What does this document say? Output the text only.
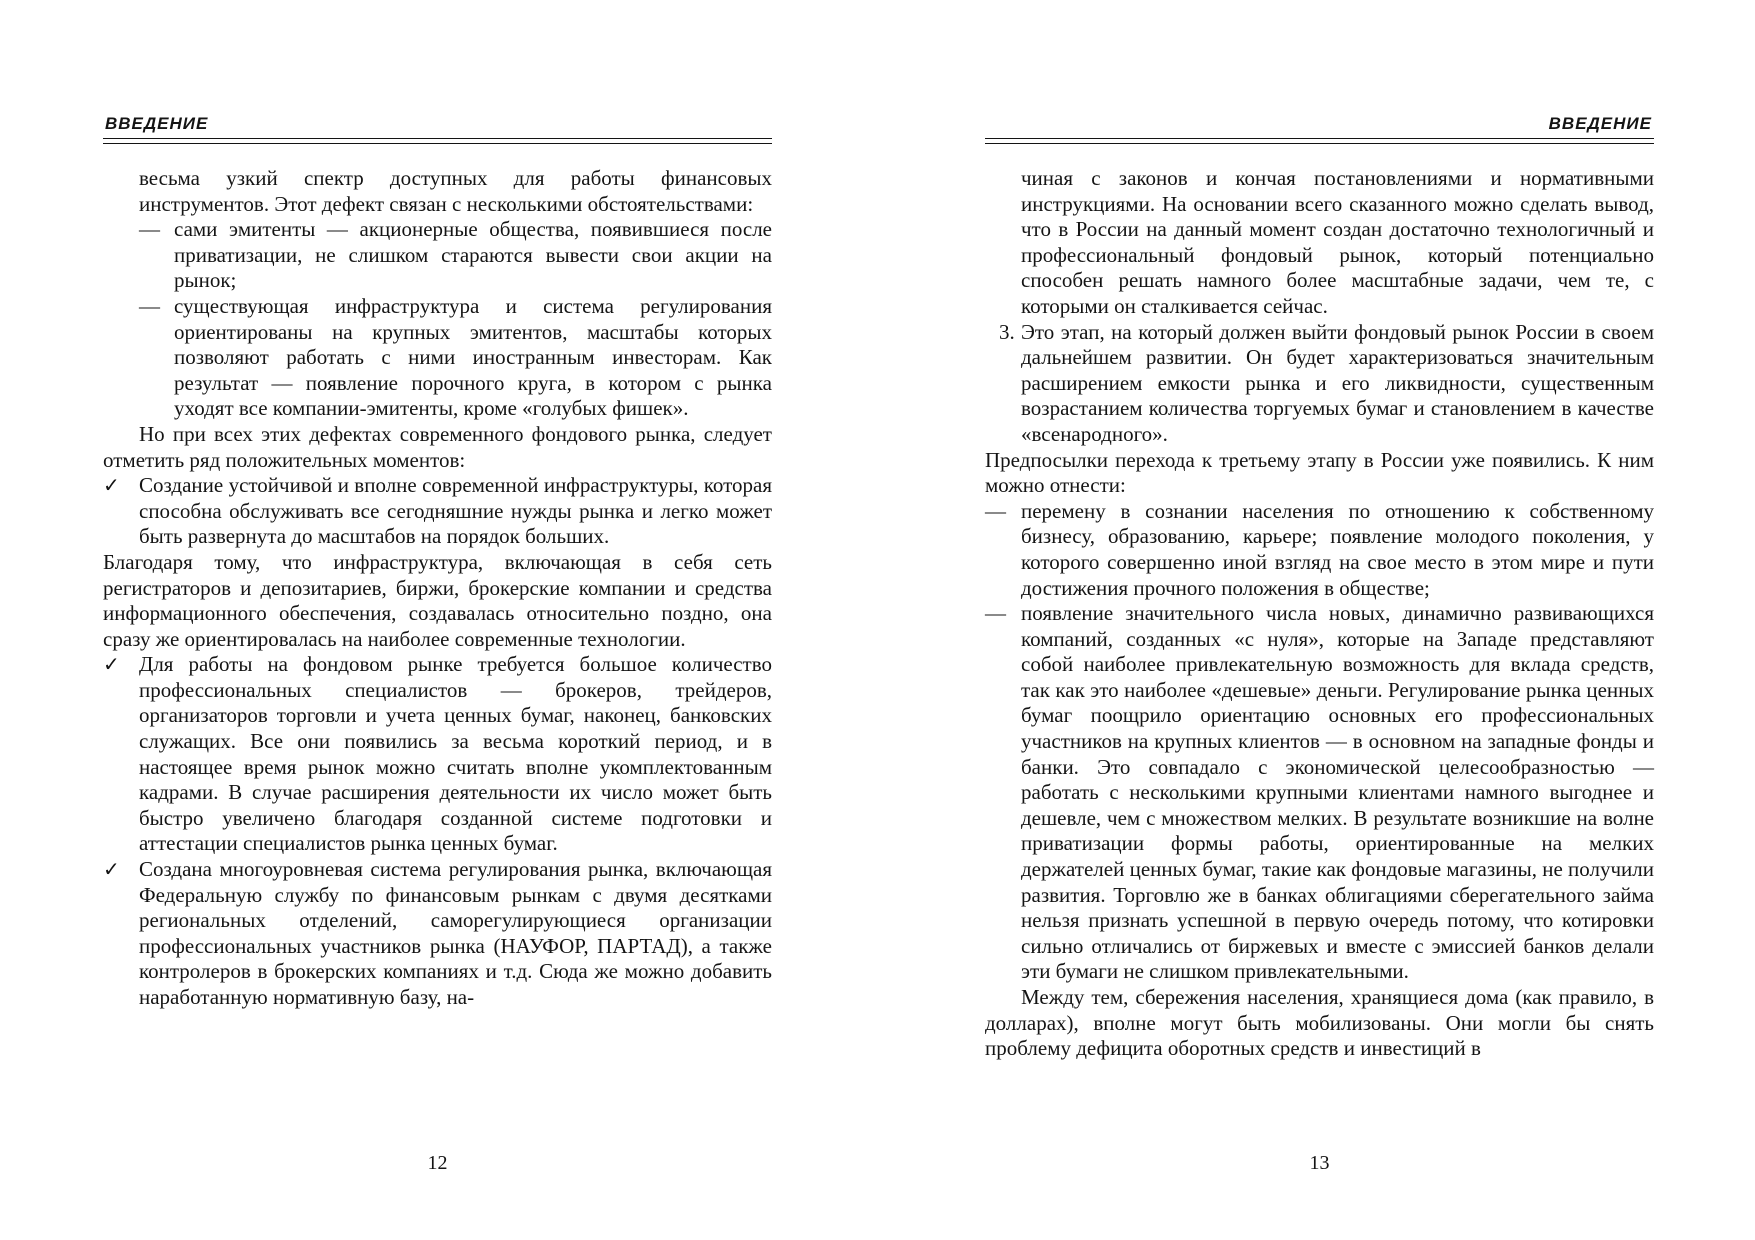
ВВЕДЕНИЕ

весьма узкий спектр доступных для работы финансовых инструментов. Этот дефект связан с несколькими обстоятельствами:

— сами эмитенты — акционерные общества, появившиеся после приватизации, не слишком стараются вывести свои акции на рынок;

— существующая инфраструктура и система регулирования ориентированы на крупных эмитентов, масштабы которых позволяют работать с ними иностранным инвесторам. Как результат — появление порочного круга, в котором с рынка уходят все компании-эмитенты, кроме «голубых фишек».

Но при всех этих дефектах современного фондового рынка, следует отметить ряд положительных моментов:

✓ Создание устойчивой и вполне современной инфраструктуры, которая способна обслуживать все сегодняшние нужды рынка и легко может быть развернута до масштабов на порядок больших.

Благодаря тому, что инфраструктура, включающая в себя сеть регистраторов и депозитариев, биржи, брокерские компании и средства информационного обеспечения, создавалась относительно поздно, она сразу же ориентировалась на наиболее современные технологии.

✓ Для работы на фондовом рынке требуется большое количество профессиональных специалистов — брокеров, трейдеров, организаторов торговли и учета ценных бумаг, наконец, банковских служащих. Все они появились за весьма короткий период, и в настоящее время рынок можно считать вполне укомплектованным кадрами. В случае расширения деятельности их число может быть быстро увеличено благодаря созданной системе подготовки и аттестации специалистов рынка ценных бумаг.

✓ Создана многоуровневая система регулирования рынка, включающая Федеральную службу по финансовым рынкам с двумя десятками региональных отделений, саморегулирующиеся организации профессиональных участников рынка (НАУФОР, ПАРТАД), а также контролеров в брокерских компаниях и т.д. Сюда же можно добавить наработанную нормативную базу, на-

12
ВВЕДЕНИЕ

чиная с законов и кончая постановлениями и нормативными инструкциями. На основании всего сказанного можно сделать вывод, что в России на данный момент создан достаточно технологичный и профессиональный фондовый рынок, который потенциально способен решать намного более масштабные задачи, чем те, с которыми он сталкивается сейчас.

3. Это этап, на который должен выйти фондовый рынок России в своем дальнейшем развитии. Он будет характеризоваться значительным расширением емкости рынка и его ликвидности, существенным возрастанием количества торгуемых бумаг и становлением в качестве «всенародного».

Предпосылки перехода к третьему этапу в России уже появились. К ним можно отнести:

— перемену в сознании населения по отношению к собственному бизнесу, образованию, карьере; появление молодого поколения, у которого совершенно иной взгляд на свое место в этом мире и пути достижения прочного положения в обществе;

— появление значительного числа новых, динамично развивающихся компаний, созданных «с нуля», которые на Западе представляют собой наиболее привлекательную возможность для вклада средств, так как это наиболее «дешевые» деньги. Регулирование рынка ценных бумаг поощрило ориентацию основных его профессиональных участников на крупных клиентов — в основном на западные фонды и банки. Это совпадало с экономической целесообразностью — работать с несколькими крупными клиентами намного выгоднее и дешевле, чем с множеством мелких. В результате возникшие на волне приватизации формы работы, ориентированные на мелких держателей ценных бумаг, такие как фондовые магазины, не получили развития. Торговлю же в банках облигациями сберегательного займа нельзя признать успешной в первую очередь потому, что котировки сильно отличались от биржевых и вместе с эмиссией банков делали эти бумаги не слишком привлекательными.

Между тем, сбережения населения, хранящиеся дома (как правило, в долларах), вполне могут быть мобилизованы. Они могли бы снять проблему дефицита оборотных средств и инвестиций в

13
